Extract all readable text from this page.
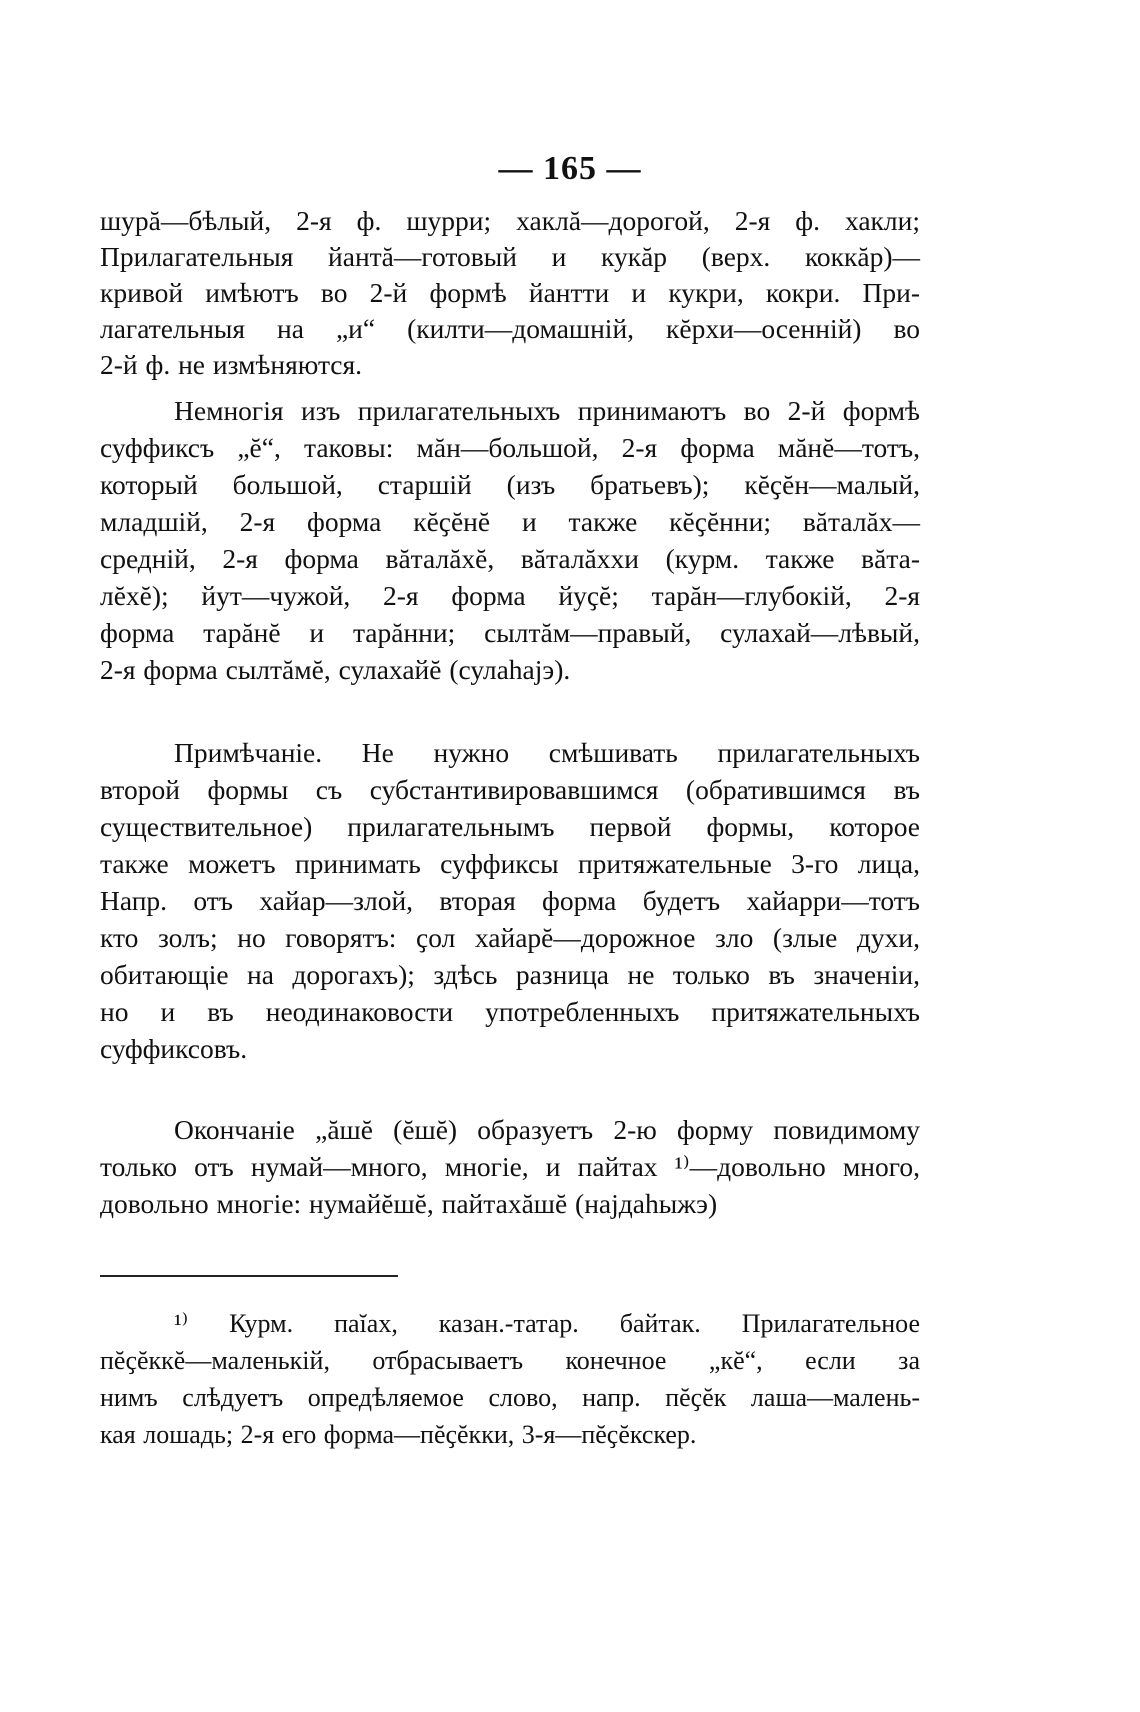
— 165 —
шурă—бѣлый, 2-я ф. шурри; хаклă—дорогой, 2-я ф. хакли;
Прилагательныя йантă—готовый и кукăр (верх. коккăр)—
кривой имѣютъ во 2-й формѣ йантти и кукри, кокри. При-
лагательныя на „и“ (килти—домашній, кĕрхи—осенній) во
2-й ф. не измѣняются.
Немногія изъ прилагательныхъ принимаютъ во 2-й формѣ
суффиксъ „ĕ“, таковы: мăн—большой, 2-я форма мăнĕ—тотъ,
который большой, старшій (изъ братьевъ); кĕҫĕн—малый,
младшій, 2-я форма кĕҫĕнĕ и также кĕҫĕнни; вăталăх—
средній, 2-я форма вăталăхĕ, вăталăххи (курм. также вăта-
лĕхĕ); йут—чужой, 2-я форма йуҫĕ; тарăн—глубокій, 2-я
форма тарăнĕ и тарăнни; сылтăм—правый, сулахай—лѣвый,
2-я форма сылтăмĕ, сулахайĕ (сулаһајэ).
Примѣчаніе. Не нужно смѣшивать прилагательныхъ
второй формы съ субстантивировавшимся (обратившимся въ
существительное) прилагательнымъ первой формы, которое
также можетъ принимать суффиксы притяжательные 3-го лица,
Напр. отъ хайар—злой, вторая форма будетъ хайарри—тотъ
кто золъ; но говорятъ: ҫол хайарĕ—дорожное зло (злые духи,
обитающіе на дорогахъ); здѣсь разница не только въ значеніи,
но и въ неодинаковости употребленныхъ притяжательныхъ
суффиксовъ.
Окончаніе „ăшĕ (ĕшĕ) образуетъ 2-ю форму повидимому
только отъ нумай—много, многіе, и пайтах ¹⁾—довольно много,
довольно многіе: нумайĕшĕ, пайтахăшĕ (најдаһыжэ)
¹⁾ Курм. паĭах, казан.-татар. байтак. Прилагательное
пĕҫĕккĕ—маленькій, отбрасываетъ конечное „кĕ“, если за
нимъ слѣдуетъ опредѣляемое слово, напр. пĕҫĕк лаша—малень-
кая лошадь; 2-я его форма—пĕҫĕкки, 3-я—пĕҫĕкскер.
